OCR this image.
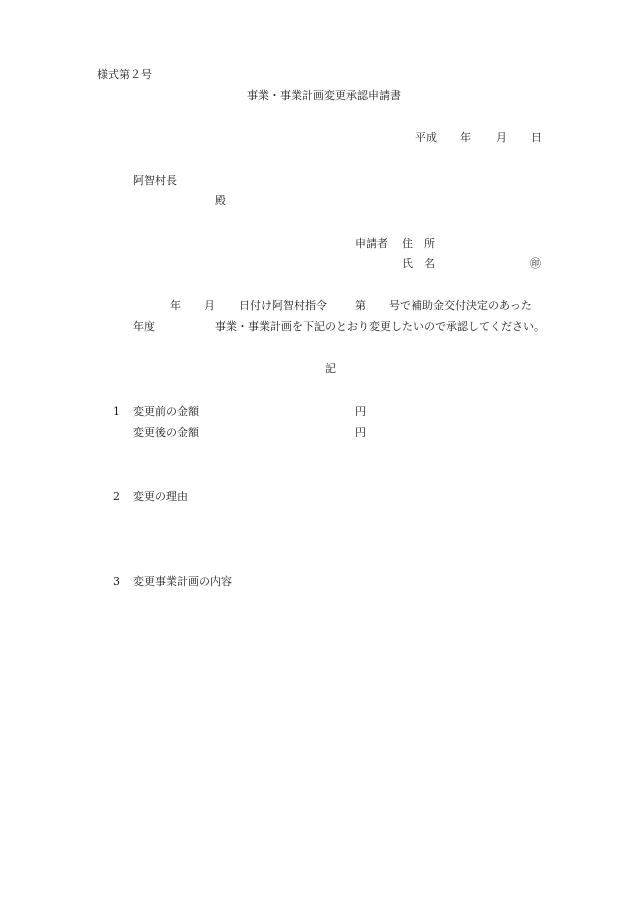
様式第２号
事業・事業計画変更承認申請書
平成 年 月 日
阿智村長
殿
申請者 住　所
氏　名	㊞
年 月 日付け阿智村指令	第 号で補助金交付決定のあった
年度	事業・事業計画を下記のとおり変更したいので承認してください。
記
1 変更前の金額	円
変更後の金額	円
2 変更の理由
3 変更事業計画の内容
